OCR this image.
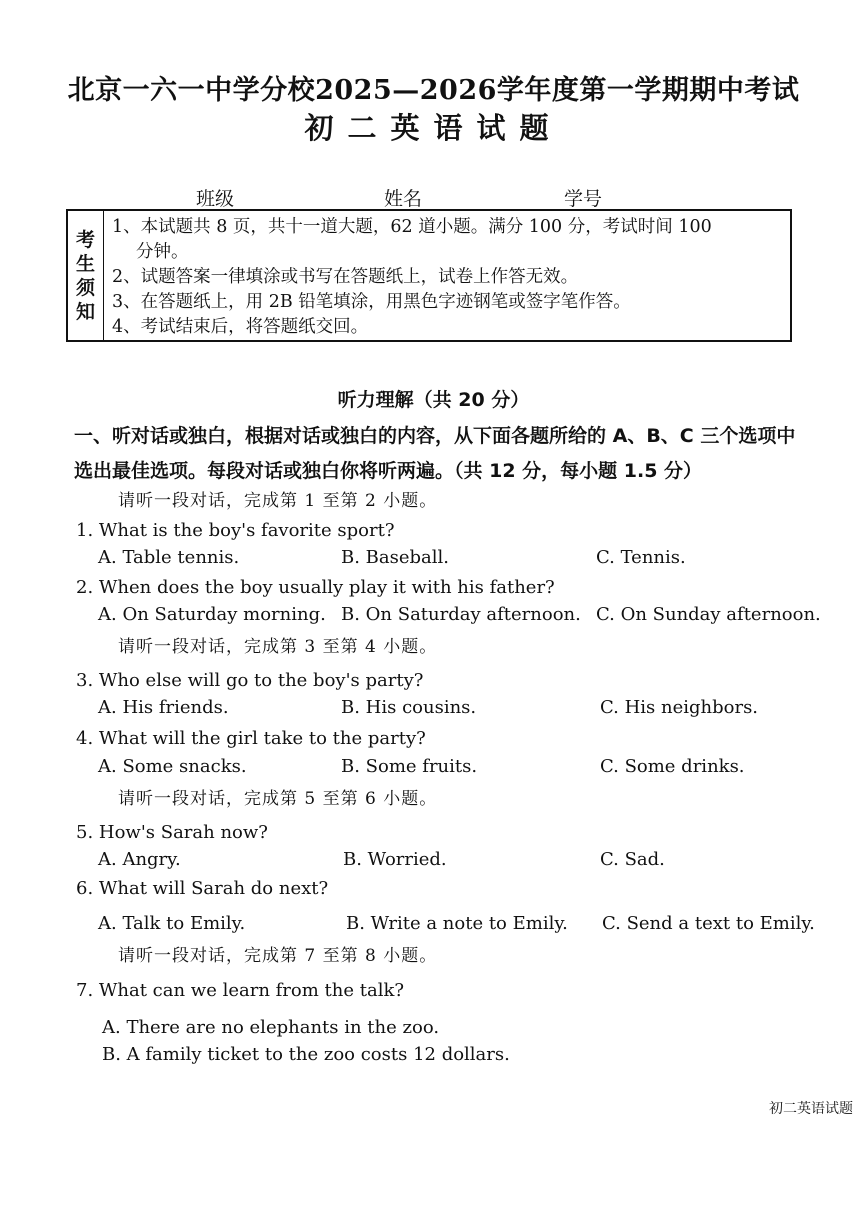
北京一六一中学分校2025—2026学年度第一学期期中考试
初二英语试题
班级	姓名	学号
考
生
须
知
1、本试题共 8 页，共十一道大题，62 道小题。满分 100 分，考试时间 100
分钟。
2、试题答案一律填涂或书写在答题纸上，试卷上作答无效。
3、在答题纸上，用 2B 铅笔填涂，用黑色字迹钢笔或签字笔作答。
4、考试结束后，将答题纸交回。
听力理解（共 20 分）
一、听对话或独白，根据对话或独白的内容，从下面各题所给的 A、B、C 三个选项中
选出最佳选项。每段对话或独白你将听两遍。（共 12 分，每小题 1.5 分）
请听一段对话，完成第 1 至第 2 小题。
1. What is the boy's favorite sport?
A. Table tennis.	B. Baseball.	C. Tennis.
2. When does the boy usually play it with his father?
A. On Saturday morning. B. On Saturday afternoon. C. On Sunday afternoon.
请听一段对话，完成第 3 至第 4 小题。
3. Who else will go to the boy's party?
A. His friends.	B. His cousins.	C. His neighbors.
4. What will the girl take to the party?
A. Some snacks.	B. Some fruits.	C. Some drinks.
请听一段对话，完成第 5 至第 6 小题。
5. How's Sarah now?
A. Angry.	B. Worried.	C. Sad.
6. What will Sarah do next?
A. Talk to Emily.	B. Write a note to Emily. C. Send a text to Emily.
请听一段对话，完成第 7 至第 8 小题。
7. What can we learn from the talk?
A. There are no elephants in the zoo.
B. A family ticket to the zoo costs 12 dollars.
初二英语试题
